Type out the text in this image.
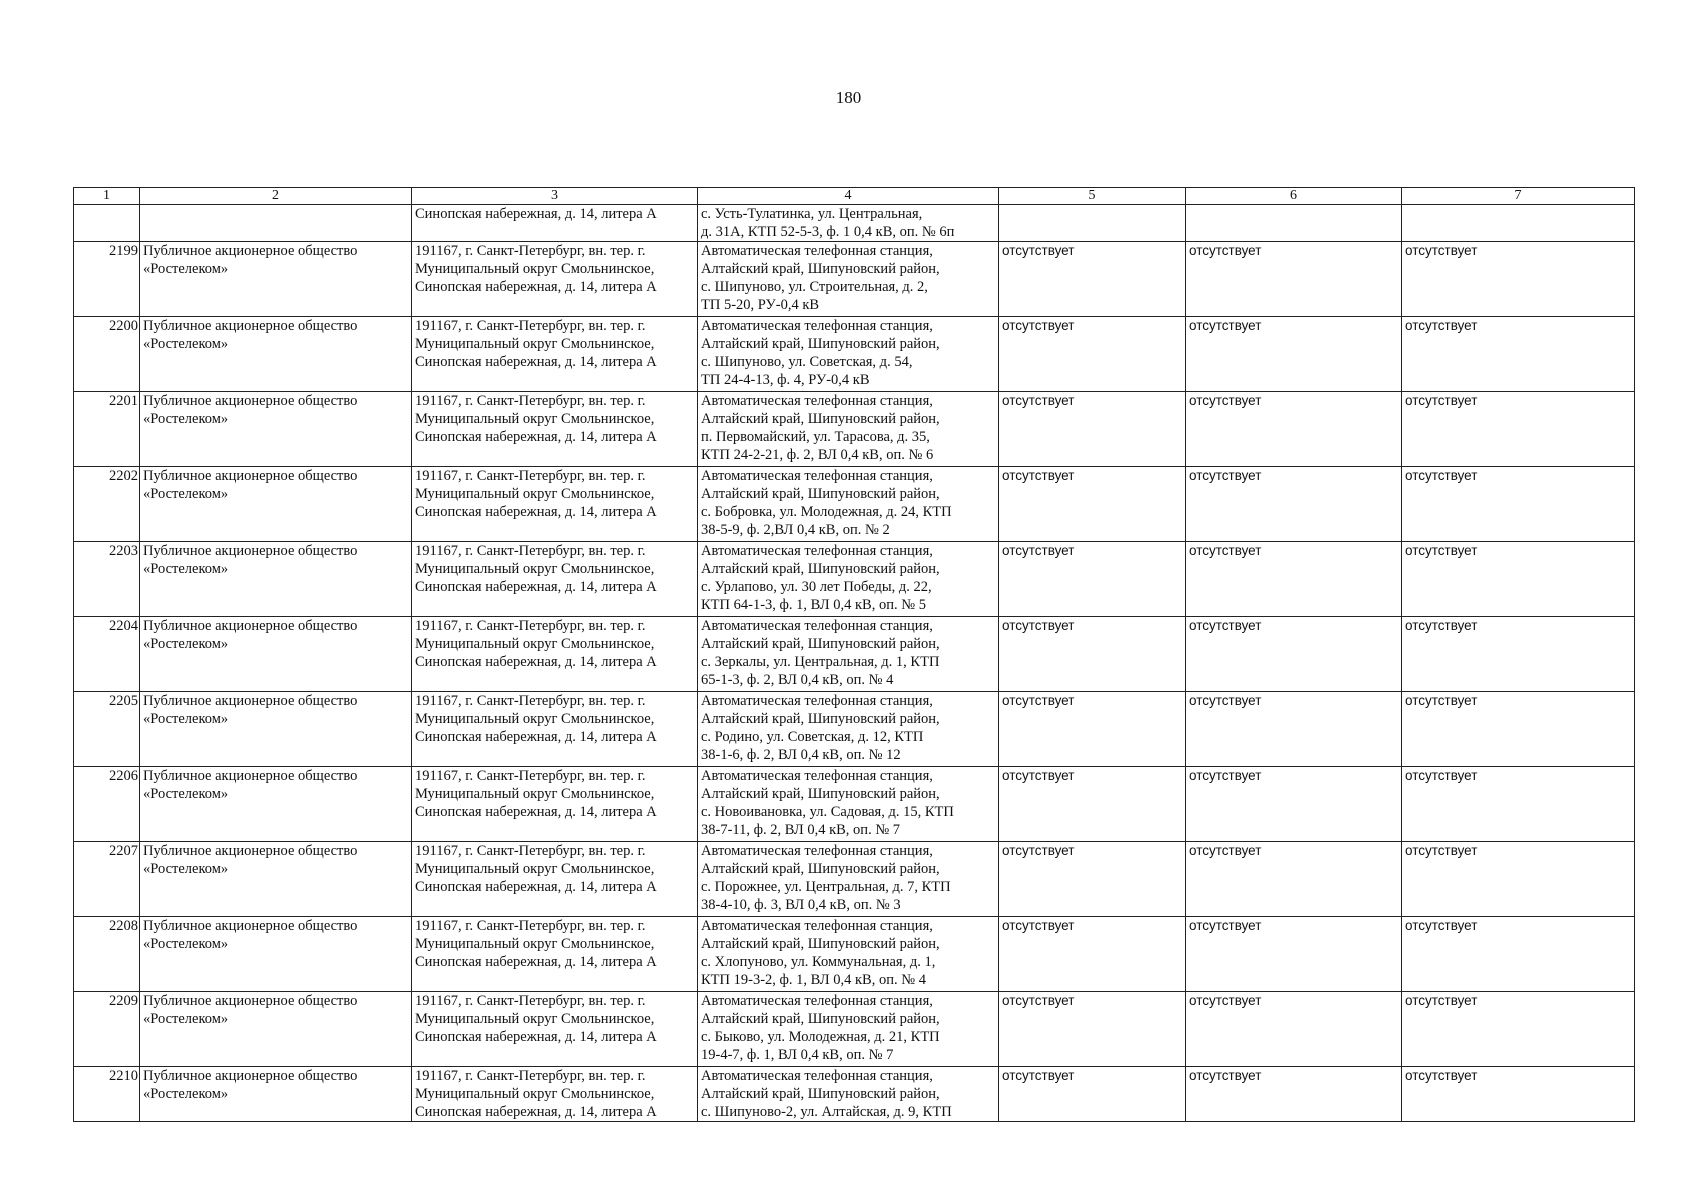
180
1	2	3	4	5	6	7

		Синопская набережная, д. 14, литера А	с. Усть-Тулатинка, ул. Центральная,
д. 31А, КТП 52-5-3, ф. 1 0,4 кВ, оп. № 6п			

2199	Публичное акционерное общество
«Ростелеком»	191167, г. Санкт-Петербург, вн. тер. г.
Муниципальный округ Смольнинское,
Синопская набережная, д. 14, литера А	Автоматическая телефонная станция,
Алтайский край, Шипуновский район,
с. Шипуново, ул. Строительная, д. 2,
ТП 5-20, РУ-0,4 кВ	отсутствует	отсутствует	отсутствует
2200	Публичное акционерное общество
«Ростелеком»	191167, г. Санкт-Петербург, вн. тер. г.
Муниципальный округ Смольнинское,
Синопская набережная, д. 14, литера А	Автоматическая телефонная станция,
Алтайский край, Шипуновский район,
с. Шипуново, ул. Советская, д. 54,
ТП 24-4-13, ф. 4, РУ-0,4 кВ	отсутствует	отсутствует	отсутствует
2201	Публичное акционерное общество
«Ростелеком»	191167, г. Санкт-Петербург, вн. тер. г.
Муниципальный округ Смольнинское,
Синопская набережная, д. 14, литера А	Автоматическая телефонная станция,
Алтайский край, Шипуновский район,
п. Первомайский, ул. Тарасова, д. 35,
КТП 24-2-21, ф. 2, ВЛ 0,4 кВ, оп. № 6	отсутствует	отсутствует	отсутствует
2202	Публичное акционерное общество
«Ростелеком»	191167, г. Санкт-Петербург, вн. тер. г.
Муниципальный округ Смольнинское,
Синопская набережная, д. 14, литера А	Автоматическая телефонная станция,
Алтайский край, Шипуновский район,
с. Бобровка, ул. Молодежная, д. 24, КТП
38-5-9, ф. 2,ВЛ 0,4 кВ, оп. № 2	отсутствует	отсутствует	отсутствует
2203	Публичное акционерное общество
«Ростелеком»	191167, г. Санкт-Петербург, вн. тер. г.
Муниципальный округ Смольнинское,
Синопская набережная, д. 14, литера А	Автоматическая телефонная станция,
Алтайский край, Шипуновский район,
с. Урлапово, ул. 30 лет Победы, д. 22,
КТП 64-1-3, ф. 1, ВЛ 0,4 кВ, оп. № 5	отсутствует	отсутствует	отсутствует
2204	Публичное акционерное общество
«Ростелеком»	191167, г. Санкт-Петербург, вн. тер. г.
Муниципальный округ Смольнинское,
Синопская набережная, д. 14, литера А	Автоматическая телефонная станция,
Алтайский край, Шипуновский район,
с. Зеркалы, ул. Центральная, д. 1, КТП
65-1-3, ф. 2, ВЛ 0,4 кВ, оп. № 4	отсутствует	отсутствует	отсутствует
2205	Публичное акционерное общество
«Ростелеком»	191167, г. Санкт-Петербург, вн. тер. г.
Муниципальный округ Смольнинское,
Синопская набережная, д. 14, литера А	Автоматическая телефонная станция,
Алтайский край, Шипуновский район,
с. Родино, ул. Советская, д. 12, КТП
38-1-6, ф. 2, ВЛ 0,4 кВ, оп. № 12	отсутствует	отсутствует	отсутствует
2206	Публичное акционерное общество
«Ростелеком»	191167, г. Санкт-Петербург, вн. тер. г.
Муниципальный округ Смольнинское,
Синопская набережная, д. 14, литера А	Автоматическая телефонная станция,
Алтайский край, Шипуновский район,
с. Новоивановка, ул. Садовая, д. 15, КТП
38-7-11, ф. 2, ВЛ 0,4 кВ, оп. № 7	отсутствует	отсутствует	отсутствует
2207	Публичное акционерное общество
«Ростелеком»	191167, г. Санкт-Петербург, вн. тер. г.
Муниципальный округ Смольнинское,
Синопская набережная, д. 14, литера А	Автоматическая телефонная станция,
Алтайский край, Шипуновский район,
с. Порожнее, ул. Центральная, д. 7, КТП
38-4-10, ф. 3, ВЛ 0,4 кВ, оп. № 3	отсутствует	отсутствует	отсутствует
2208	Публичное акционерное общество
«Ростелеком»	191167, г. Санкт-Петербург, вн. тер. г.
Муниципальный округ Смольнинское,
Синопская набережная, д. 14, литера А	Автоматическая телефонная станция,
Алтайский край, Шипуновский район,
с. Хлопуново, ул. Коммунальная, д. 1,
КТП 19-3-2, ф. 1, ВЛ 0,4 кВ, оп. № 4	отсутствует	отсутствует	отсутствует
2209	Публичное акционерное общество
«Ростелеком»	191167, г. Санкт-Петербург, вн. тер. г.
Муниципальный округ Смольнинское,
Синопская набережная, д. 14, литера А	Автоматическая телефонная станция,
Алтайский край, Шипуновский район,
с. Быково, ул. Молодежная, д. 21, КТП
19-4-7, ф. 1, ВЛ 0,4 кВ, оп. № 7	отсутствует	отсутствует	отсутствует
2210	Публичное акционерное общество
«Ростелеком»	191167, г. Санкт-Петербург, вн. тер. г.
Муниципальный округ Смольнинское,
Синопская набережная, д. 14, литера А	Автоматическая телефонная станция,
Алтайский край, Шипуновский район,
с. Шипуново-2, ул. Алтайская, д. 9, КТП	отсутствует	отсутствует	отсутствует
